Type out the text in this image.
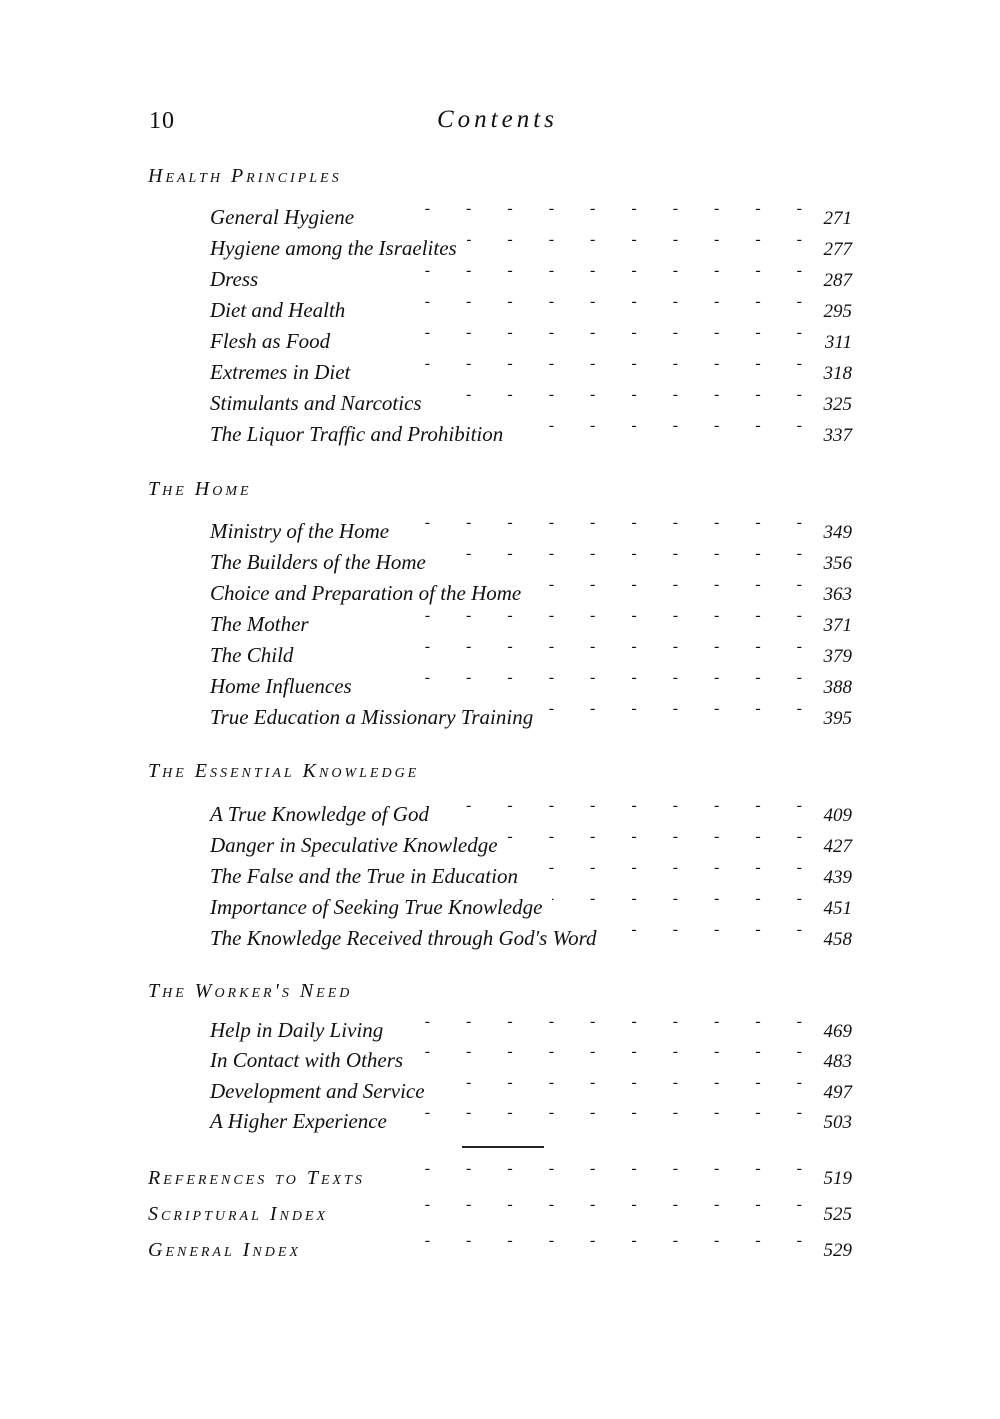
10	Contents
Health Principles
General Hygiene -	271
Hygiene among the Israelites -	277
Dress -	287
Diet and Health -	295
Flesh as Food -	311
Extremes in Diet -	318
Stimulants and Narcotics -	325
The Liquor Traffic and Prohibition -	337
The Home
Ministry of the Home -	349
The Builders of the Home -	356
Choice and Preparation of the Home -	363
The Mother -	371
The Child -	379
Home Influences -	388
True Education a Missionary Training -	395
The Essential Knowledge
A True Knowledge of God -	409
Danger in Speculative Knowledge -	427
The False and the True in Education -	439
Importance of Seeking True Knowledge -	451
The Knowledge Received through God's Word -	458
The Worker's Need
Help in Daily Living -	469
In Contact with Others -	483
Development and Service -	497
A Higher Experience -	503
References to Texts -	519
Scriptural Index -	525
General Index -	529
